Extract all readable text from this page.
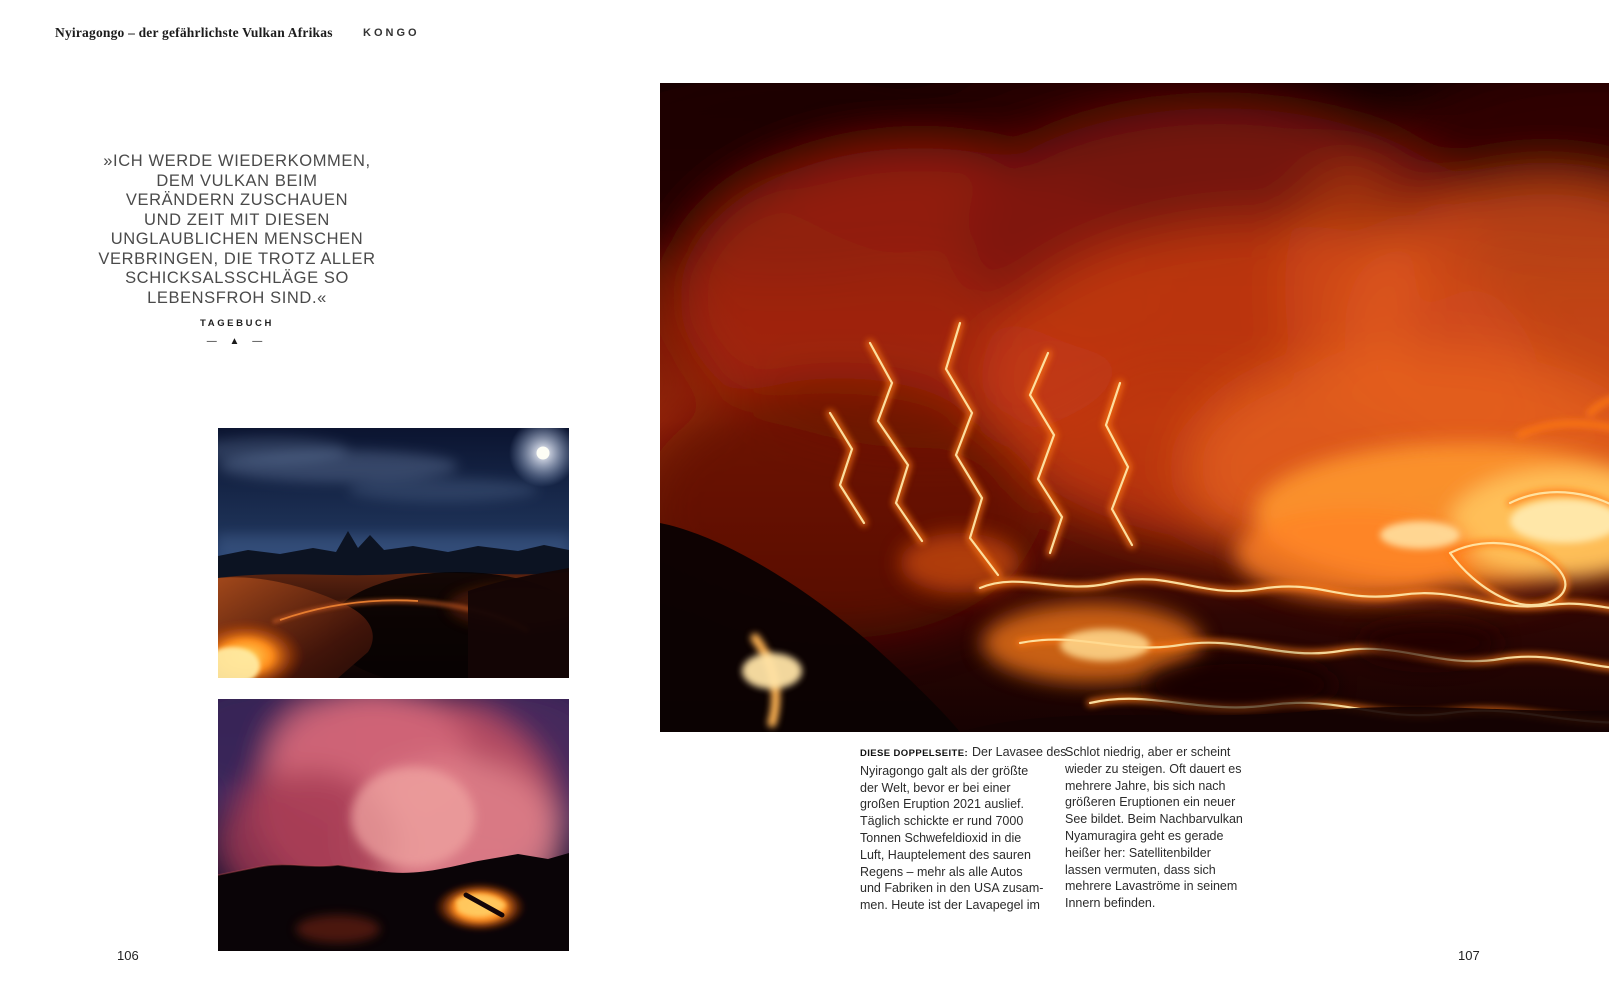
Nyiragongo – der gefährlichste Vulkan Afrikas	KONGO
»ICH WERDE WIEDERKOMMEN,
DEM VULKAN BEIM
VERÄNDERN ZUSCHAUEN
UND ZEIT MIT DIESEN
UNGLAUBLICHEN MENSCHEN
VERBRINGEN, DIE TROTZ ALLER
SCHICKSALSSCHLÄGE SO
LEBENSFROH SIND.«
TAGEBUCH
— ▲ —
DIESE DOPPELSEITE: Der Lavasee des
Nyiragongo galt als der größte
der Welt, bevor er bei einer
großen Eruption 2021 auslief.
Täglich schickte er rund 7000
Tonnen Schwefeldioxid in die
Luft, Hauptelement des sauren
Regens – mehr als alle Autos
und Fabriken in den USA zusam-
men. Heute ist der Lavapegel im
Schlot niedrig, aber er scheint
wieder zu steigen. Oft dauert es
mehrere Jahre, bis sich nach
größeren Eruptionen ein neuer
See bildet. Beim Nachbarvulkan
Nyamuragira geht es gerade
heißer her: Satellitenbilder
lassen vermuten, dass sich
mehrere Lavaströme in seinem
Innern befinden.
106	107
